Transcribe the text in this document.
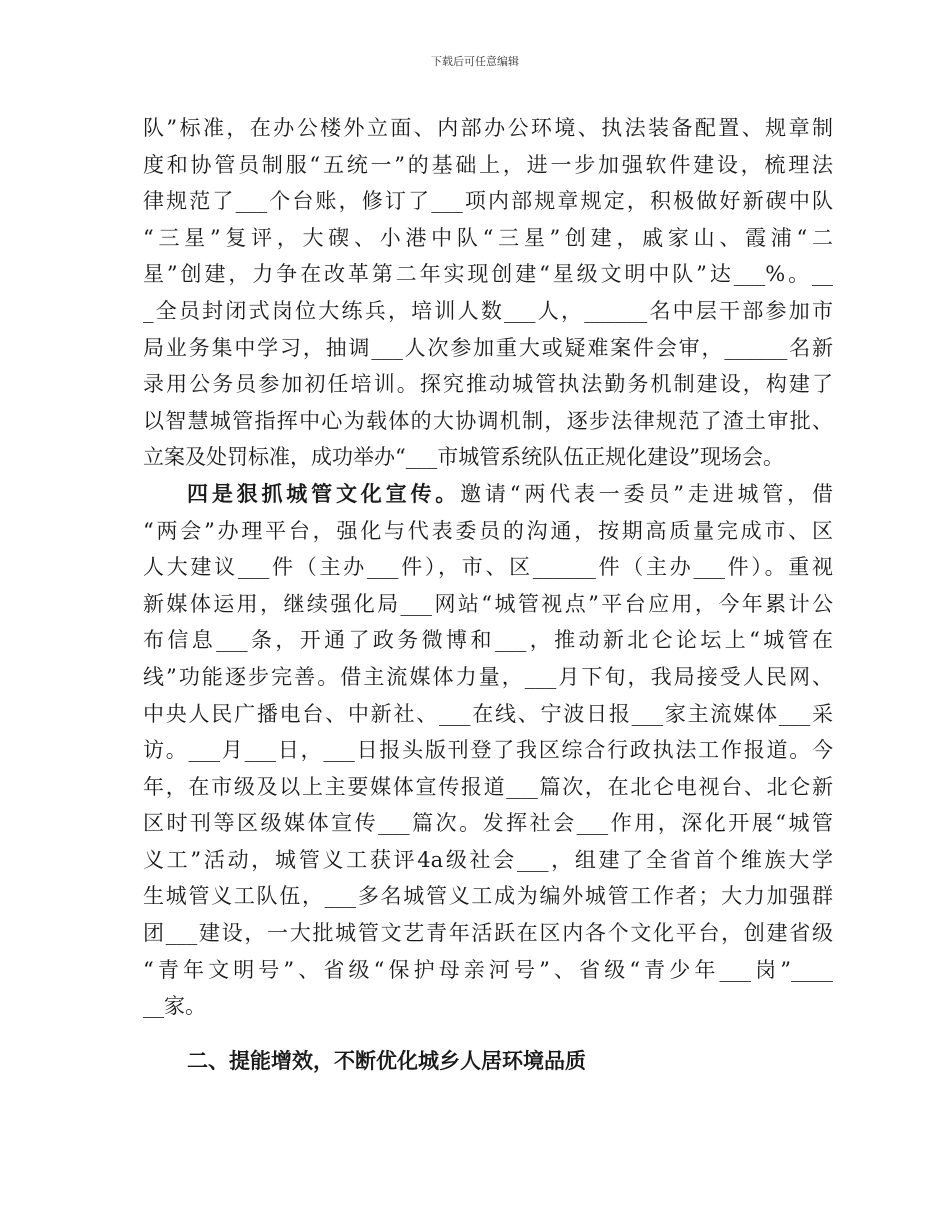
下载后可任意编辑
队”标准，在办公楼外立面、内部办公环境、执法装备配置、规章制
度和协管员制服“五统一”的基础上，进一步加强软件建设，梳理法
律规范了___个台账，修订了___项内部规章规定，积极做好新碶中队
“三星”复评，大碶、小港中队“三星”创建，戚家山、霞浦“二
星”创建，力争在改革第二年实现创建“星级文明中队”达___%。__
_全员封闭式岗位大练兵，培训人数___人，______名中层干部参加市
局业务集中学习，抽调___人次参加重大或疑难案件会审，______名新
录用公务员参加初任培训。探究推动城管执法勤务机制建设，构建了
以智慧城管指挥中心为载体的大协调机制，逐步法律规范了渣土审批、
立案及处罚标准，成功举办“___市城管系统队伍正规化建设”现场会。
四是狠抓城管文化宣传。邀请“两代表一委员”走进城管，借
“两会”办理平台，强化与代表委员的沟通，按期高质量完成市、区
人大建议___件（主办___件），市、区______件（主办___件）。重视
新媒体运用，继续强化局___网站“城管视点”平台应用，今年累计公
布信息___条，开通了政务微博和___，推动新北仑论坛上“城管在
线”功能逐步完善。借主流媒体力量，___月下旬，我局接受人民网、
中央人民广播电台、中新社、___在线、宁波日报___家主流媒体___采
访。___月___日，___日报头版刊登了我区综合行政执法工作报道。今
年，在市级及以上主要媒体宣传报道___篇次，在北仑电视台、北仑新
区时刊等区级媒体宣传___篇次。发挥社会___作用，深化开展“城管
义工”活动，城管义工获评4a级社会___，组建了全省首个维族大学
生城管义工队伍，___多名城管义工成为编外城管工作者；大力加强群
团___建设，一大批城管文艺青年活跃在区内各个文化平台，创建省级
“青年文明号”、省级“保护母亲河号”、省级“青少年___岗”____
__家。
二、提能增效，不断优化城乡人居环境品质
